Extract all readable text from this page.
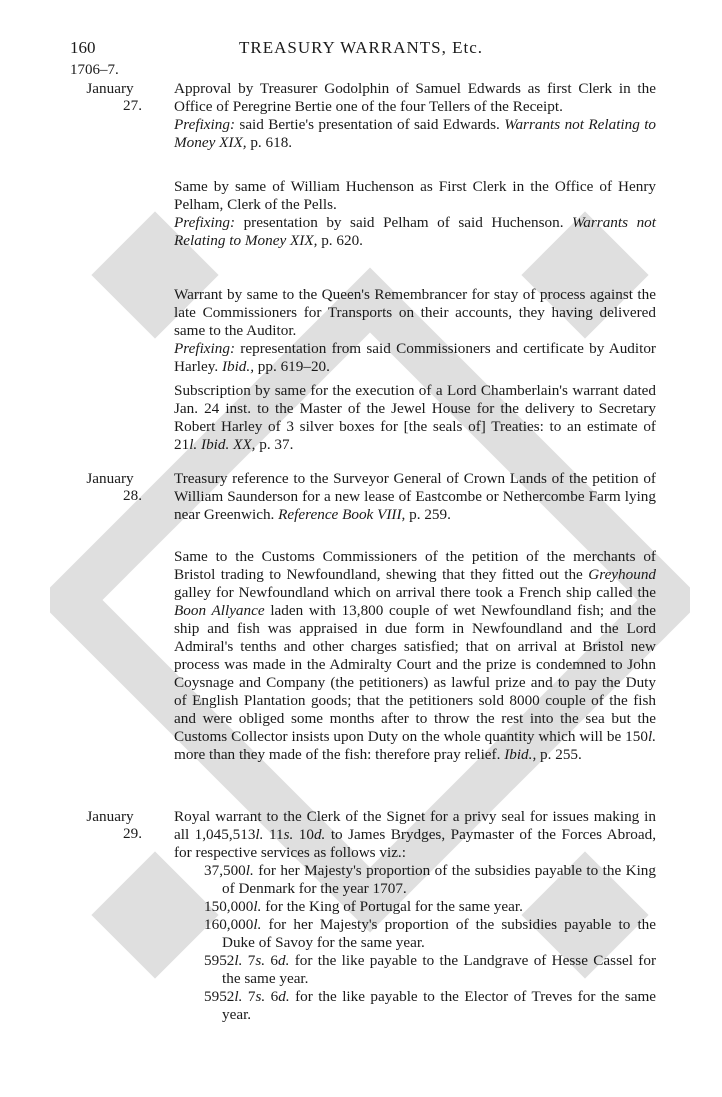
160	TREASURY WARRANTS, Etc.
1706–7.
January
27.

Approval by Treasurer Godolphin of Samuel Edwards as first Clerk in the Office of Peregrine Bertie one of the four Tellers of the Receipt.

Prefixing: said Bertie's presentation of said Edwards. Warrants not Relating to Money XIX, p. 618.

Same by same of William Huchenson as First Clerk in the Office of Henry Pelham, Clerk of the Pells.

Prefixing: presentation by said Pelham of said Huchenson. Warrants not Relating to Money XIX, p. 620.

Warrant by same to the Queen's Remembrancer for stay of process against the late Commissioners for Transports on their accounts, they having delivered same to the Auditor.

Prefixing: representation from said Commissioners and certificate by Auditor Harley. Ibid., pp. 619–20.

Subscription by same for the execution of a Lord Chamberlain's warrant dated Jan. 24 inst. to the Master of the Jewel House for the delivery to Secretary Robert Harley of 3 silver boxes for [the seals of] Treaties: to an estimate of 21l. Ibid. XX, p. 37.

January
28.

Treasury reference to the Surveyor General of Crown Lands of the petition of William Saunderson for a new lease of Eastcombe or Nethercombe Farm lying near Greenwich. Reference Book VIII, p. 259.

Same to the Customs Commissioners of the petition of the merchants of Bristol trading to Newfoundland, shewing that they fitted out the Greyhound galley for Newfoundland which on arrival there took a French ship called the Boon Allyance laden with 13,800 couple of wet Newfoundland fish; and the ship and fish was appraised in due form in Newfoundland and the Lord Admiral's tenths and other charges satisfied; that on arrival at Bristol new process was made in the Admiralty Court and the prize is condemned to John Coysnage and Company (the petitioners) as lawful prize and to pay the Duty of English Plantation goods; that the petitioners sold 8000 couple of the fish and were obliged some months after to throw the rest into the sea but the Customs Collector insists upon Duty on the whole quantity which will be 150l. more than they made of the fish: therefore pray relief. Ibid., p. 255.

January
29.

Royal warrant to the Clerk of the Signet for a privy seal for issues making in all 1,045,513l. 11s. 10d. to James Brydges, Paymaster of the Forces Abroad, for respective services as follows viz.:

37,500l. for her Majesty's proportion of the subsidies payable to the King of Denmark for the year 1707.
150,000l. for the King of Portugal for the same year.
160,000l. for her Majesty's proportion of the subsidies payable to the Duke of Savoy for the same year.
5952l. 7s. 6d. for the like payable to the Landgrave of Hesse Cassel for the same year.
5952l. 7s. 6d. for the like payable to the Elector of Treves for the same year.
